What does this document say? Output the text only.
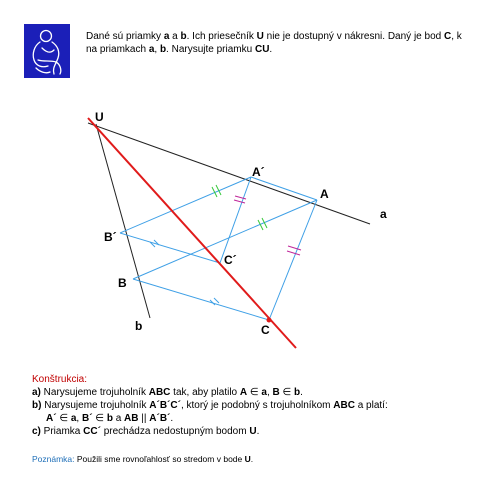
Dané sú priamky a a b. Ich priesečník U nie je dostupný v nákresni. Daný je bod C, k
na priamkach a, b. Narysujte priamku CU.
U
A´
A
B´
C´
B
C
a
b
Konštrukcia:
a) Narysujeme trojuholník ABC tak, aby platilo A ∈ a, B ∈ b.
b) Narysujeme trojuholník A´B´C´, ktorý je podobný s trojuholníkom ABC a platí:
A´ ∈ a, B´ ∈ b a AB || A´B´.
c) Priamka CC´ prechádza nedostupným bodom U.
Poznámka: Použili sme rovnoľahlosť so stredom v bode U.
